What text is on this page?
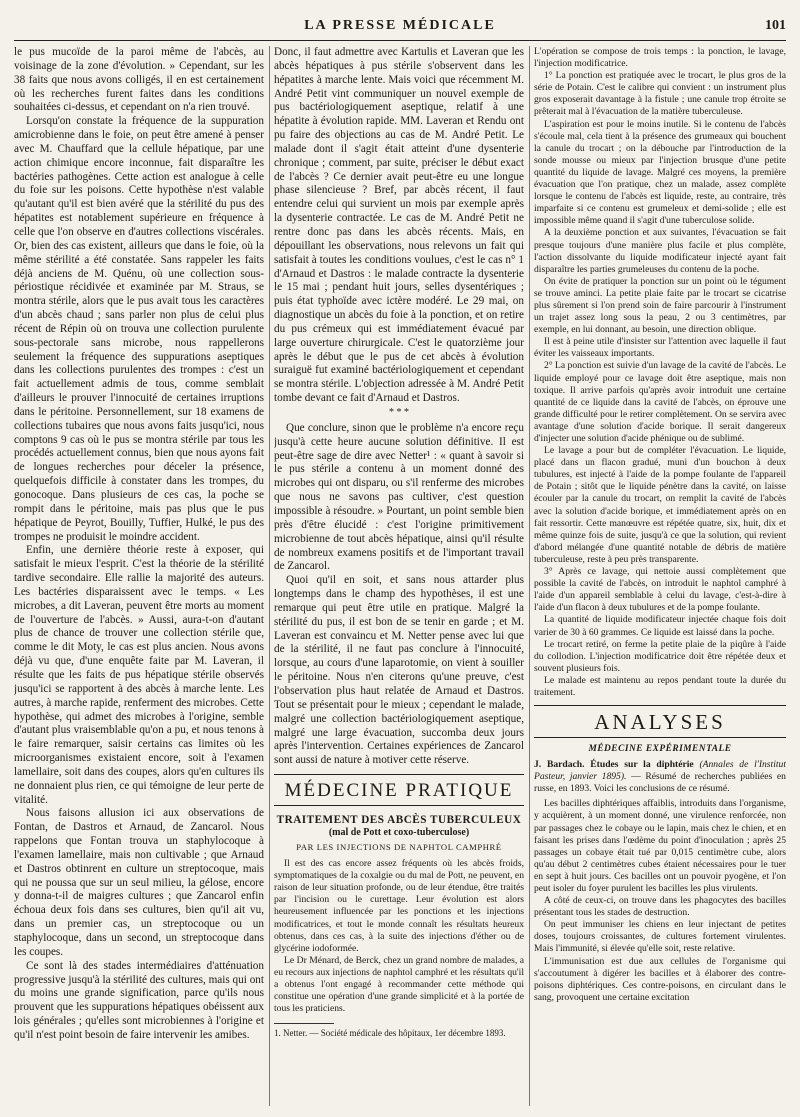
LA PRESSE MÉDICALE	101

le pus mucoïde de la paroi même de l'abcès, au voisinage de la zone d'évolution. » Cependant, sur les 38 faits que nous avons colligés, il en est certainement où les recherches furent faites dans les conditions souhaitées ci-dessus, et cependant on n'a rien trouvé.

Lorsqu'on constate la fréquence de la suppuration amicrobienne dans le foie, on peut être amené à penser avec M. Chauffard que la cellule hépatique, par une action chimique encore inconnue, fait disparaître les bactéries pathogènes. Cette action est analogue à celle du foie sur les poisons. Cette hypothèse n'est valable qu'autant qu'il est bien avéré que la stérilité du pus des hépatites est notablement supérieure en fréquence à celle que l'on observe en d'autres collections viscérales. Or, bien des cas existent, ailleurs que dans le foie, où la même stérilité a été constatée. Sans rappeler les faits déjà anciens de M. Quénu, où une collection sous-périostique récidivée et examinée par M. Straus, se montra stérile, alors que le pus avait tous les caractères d'un abcès chaud ; sans parler non plus de celui plus récent de Répin où on trouva une collection purulente sous-pectorale sans microbe, nous rappellerons seulement la fréquence des suppurations aseptiques dans les collections purulentes des trompes : c'est un fait actuellement admis de tous, comme semblait d'ailleurs le prouver l'innocuité de certaines irruptions dans le péritoine. Personnellement, sur 18 examens de collections tubaires que nous avons faits jusqu'ici, nous comptons 9 cas où le pus se montra stérile par tous les procédés actuellement connus, bien que nous ayons fait de longues recherches pour déceler la présence, quelquefois difficile à constater dans les trompes, du gonocoque. Dans plusieurs de ces cas, la poche se rompit dans le péritoine, mais pas plus que le pus hépatique de Peyrot, Bouilly, Tuffier, Hulké, le pus des trompes ne produisit le moindre accident.

Enfin, une dernière théorie reste à exposer, qui satisfait le mieux l'esprit. C'est la théorie de la stérilité tardive secondaire. Elle rallie la majorité des auteurs. Les bactéries disparaissent avec le temps. « Les microbes, a dit Laveran, peuvent être morts au moment de l'ouverture de l'abcès. » Aussi, aura-t-on d'autant plus de chance de trouver une collection stérile que, comme le dit Moty, le cas est plus ancien. Nous avons déjà vu que, d'une enquête faite par M. Laveran, il résulte que les faits de pus hépatique stérile observés jusqu'ici se rapportent à des abcès à marche lente. Les autres, à marche rapide, renferment des microbes. Cette hypothèse, qui admet des microbes à l'origine, semble d'autant plus vraisemblable qu'on a pu, et nous tenons à le faire remarquer, saisir certains cas limites où les microorganismes existaient encore, soit à l'examen lamellaire, soit dans des coupes, alors qu'en cultures ils ne donnaient plus rien, ce qui témoigne de leur perte de vitalité.

Nous faisons allusion ici aux observations de Fontan, de Dastros et Arnaud, de Zancarol. Nous rappelons que Fontan trouva un staphylocoque à l'examen lamellaire, mais non cultivable ; que Arnaud et Dastros obtinrent en culture un streptocoque, mais qui ne poussa que sur un seul milieu, la gélose, encore y donna-t-il de maigres cultures ; que Zancarol enfin échoua deux fois dans ses cultures, bien qu'il ait vu, dans un premier cas, un streptocoque ou un staphylocoque, dans un second, un streptocoque dans les coupes.

Ce sont là des stades intermédiaires d'atténuation progressive jusqu'à la stérilité des cultures, mais qui ont du moins une grande signification, parce qu'ils nous prouvent que les suppurations hépatiques obéissent aux lois générales ; qu'elles sont microbiennes à l'origine et qu'il n'est point besoin de faire intervenir les amibes.

Donc, il faut admettre avec Kartulis et Laveran que les abcès hépatiques à pus stérile s'observent dans les hépatites à marche lente. Mais voici que récemment M. André Petit vint communiquer un nouvel exemple de pus bactériologiquement aseptique, relatif à une hépatite à évolution rapide. MM. Laveran et Rendu ont pu faire des objections au cas de M. André Petit. Le malade dont il s'agit était atteint d'une dysenterie chronique ; comment, par suite, préciser le début exact de l'abcès ? Ce dernier avait peut-être eu une longue phase silencieuse ? Bref, par abcès récent, il faut entendre celui qui survient un mois par exemple après la dysenterie contractée. Le cas de M. André Petit ne rentre donc pas dans les abcès récents. Mais, en dépouillant les observations, nous relevons un fait qui satisfait à toutes les conditions voulues, c'est le cas n° 1 d'Arnaud et Dastros : le malade contracte la dysenterie le 15 mai ; pendant huit jours, selles dysentériques ; puis état typhoïde avec ictère modéré. Le 29 mai, on diagnostique un abcès du foie à la ponction, et on retire du pus crémeux qui est immédiatement évacué par large ouverture chirurgicale. C'est le quatorzième jour après le début que le pus de cet abcès à évolution suraiguë fut examiné bactériologiquement et cependant se montra stérile. L'objection adressée à M. André Petit tombe devant ce fait d'Arnaud et Dastros.

* * *

Que conclure, sinon que le problème n'a encore reçu jusqu'à cette heure aucune solution définitive. Il est peut-être sage de dire avec Netter¹ : « quant à savoir si le pus stérile a contenu à un moment donné des microbes qui ont disparu, ou s'il renferme des microbes que nous ne savons pas cultiver, c'est question impossible à résoudre. » Pourtant, un point semble bien près d'être élucidé : c'est l'origine primitivement microbienne de tout abcès hépatique, ainsi qu'il résulte de nombreux examens positifs et de l'important travail de Zancarol.

Quoi qu'il en soit, et sans nous attarder plus longtemps dans le champ des hypothèses, il est une remarque qui peut être utile en pratique. Malgré la stérilité du pus, il est bon de se tenir en garde ; et M. Laveran est convaincu et M. Netter pense avec lui que de la stérilité, il ne faut pas conclure à l'innocuité, lorsque, au cours d'une laparotomie, on vient à souiller le péritoine. Nous n'en citerons qu'une preuve, c'est l'observation plus haut relatée de Arnaud et Dastros. Tout se présentait pour le mieux ; cependant le malade, malgré une collection bactériologiquement aseptique, malgré une large évacuation, succomba deux jours après l'intervention. Certaines expériences de Zancarol sont aussi de nature à motiver cette réserve.

MÉDECINE PRATIQUE
TRAITEMENT DES ABCÈS TUBERCULEUX
(mal de Pott et coxo-tuberculose)
PAR LES INJECTIONS DE NAPHTOL CAMPHRÉ

Il est des cas encore assez fréquents où les abcès froids, symptomatiques de la coxalgie ou du mal de Pott, ne peuvent, en raison de leur situation profonde, ou de leur étendue, être traités par l'incision ou le curettage. Leur évolution est alors heureusement influencée par les ponctions et les injections modificatrices, et tout le monde connaît les résultats heureux obtenus, dans ces cas, à la suite des injections d'éther ou de glycérine iodoformée.

Le Dr Ménard, de Berck, chez un grand nombre de malades, a eu recours aux injections de naphtol camphré et les résultats qu'il a obtenus l'ont engagé à recommander cette méthode qui constitue une opération d'une grande simplicité et à la portée de tous les praticiens.

1. Netter. — Société médicale des hôpitaux, 1er décembre 1893.

L'opération se compose de trois temps : la ponction, le lavage, l'injection modificatrice.

1° La ponction est pratiquée avec le trocart, le plus gros de la série de Potain. C'est le calibre qui convient : un instrument plus gros exposerait davantage à la fistule ; une canule trop étroite se prêterait mal à l'évacuation de la matière tuberculeuse.

L'aspiration est pour le moins inutile. Si le contenu de l'abcès s'écoule mal, cela tient à la présence des grumeaux qui bouchent la canule du trocart ; on la débouche par l'introduction de la sonde mousse ou mieux par l'injection brusque d'une petite quantité du liquide de lavage. Malgré ces moyens, la première évacuation que l'on pratique, chez un malade, assez complète lorsque le contenu de l'abcès est liquide, reste, au contraire, très imparfaite si ce contenu est grumeleux et demi-solide ; elle est impossible même quand il s'agit d'une tuberculose solide.

A la deuxième ponction et aux suivantes, l'évacuation se fait presque toujours d'une manière plus facile et plus complète, l'action dissolvante du liquide modificateur injecté ayant fait disparaître les parties grumeleuses du contenu de la poche.

On évite de pratiquer la ponction sur un point où le tégument se trouve aminci. La petite plaie faite par le trocart se cicatrise plus sûrement si l'on prend soin de faire parcourir à l'instrument un trajet assez long sous la peau, 2 ou 3 centimètres, par exemple, en lui donnant, au besoin, une direction oblique.

Il est à peine utile d'insister sur l'attention avec laquelle il faut éviter les vaisseaux importants.

2° La ponction est suivie d'un lavage de la cavité de l'abcès. Le liquide employé pour ce lavage doit être aseptique, mais non toxique. Il arrive parfois qu'après avoir introduit une certaine quantité de ce liquide dans la cavité de l'abcès, on éprouve une grande difficulté pour le retirer complètement. On se servira avec avantage d'une solution d'acide borique. Il serait dangereux d'injecter une solution d'acide phénique ou de sublimé.

Le lavage a pour but de compléter l'évacuation. Le liquide, placé dans un flacon gradué, muni d'un bouchon à deux tubulures, est injecté à l'aide de la pompe foulante de l'appareil de Potain ; sitôt que le liquide pénètre dans la cavité, on laisse écouler par la canule du trocart, on remplit la cavité de l'abcès avec la solution d'acide borique, et immédiatement après on en fait ressortir. Cette manœuvre est répétée quatre, six, huit, dix et même quinze fois de suite, jusqu'à ce que la solution, qui revient d'abord mélangée d'une quantité notable de débris de matière tuberculeuse, reste à peu près transparente.

3° Après ce lavage, qui nettoie aussi complètement que possible la cavité de l'abcès, on introduit le naphtol camphré à l'aide d'un appareil semblable à celui du lavage, c'est-à-dire à l'aide d'un flacon à deux tubulures et de la pompe foulante.

La quantité de liquide modificateur injectée chaque fois doit varier de 30 à 60 grammes. Ce liquide est laissé dans la poche.

Le trocart retiré, on ferme la petite plaie de la piqûre à l'aide du collodion. L'injection modificatrice doit être répétée deux et souvent plusieurs fois.

Le malade est maintenu au repos pendant toute la durée du traitement.

ANALYSES
MÉDECINE EXPÉRIMENTALE
J. Bardach. Études sur la diphtérie (Annales de l'Institut Pasteur, janvier 1895). — Résumé de recherches publiées en russe, en 1893. Voici les conclusions de ce résumé.

Les bacilles diphtériques affaiblis, introduits dans l'organisme, y acquièrent, à un moment donné, une virulence renforcée, non par passages chez le cobaye ou le lapin, mais chez le chien, et en faisant les prises dans l'œdème du point d'inoculation ; après 25 passages un cobaye était tué par 0,015 centimètre cube, alors qu'au début 2 centimètres cubes étaient nécessaires pour le tuer en sept à huit jours. Ces bacilles ont un pouvoir pyogène, et l'on peut isoler du foyer purulent les bacilles les plus virulents.

A côté de ceux-ci, on trouve dans les phagocytes des bacilles présentant tous les stades de destruction.

On peut immuniser les chiens en leur injectant de petites doses, toujours croissantes, de cultures fortement virulentes. Mais l'immunité, si élevée qu'elle soit, reste relative.

L'immunisation est due aux cellules de l'organisme qui s'accoutument à digérer les bacilles et à élaborer des contre-poisons diphtériques. Ces contre-poisons, en circulant dans le sang, provoquent une certaine excitation
